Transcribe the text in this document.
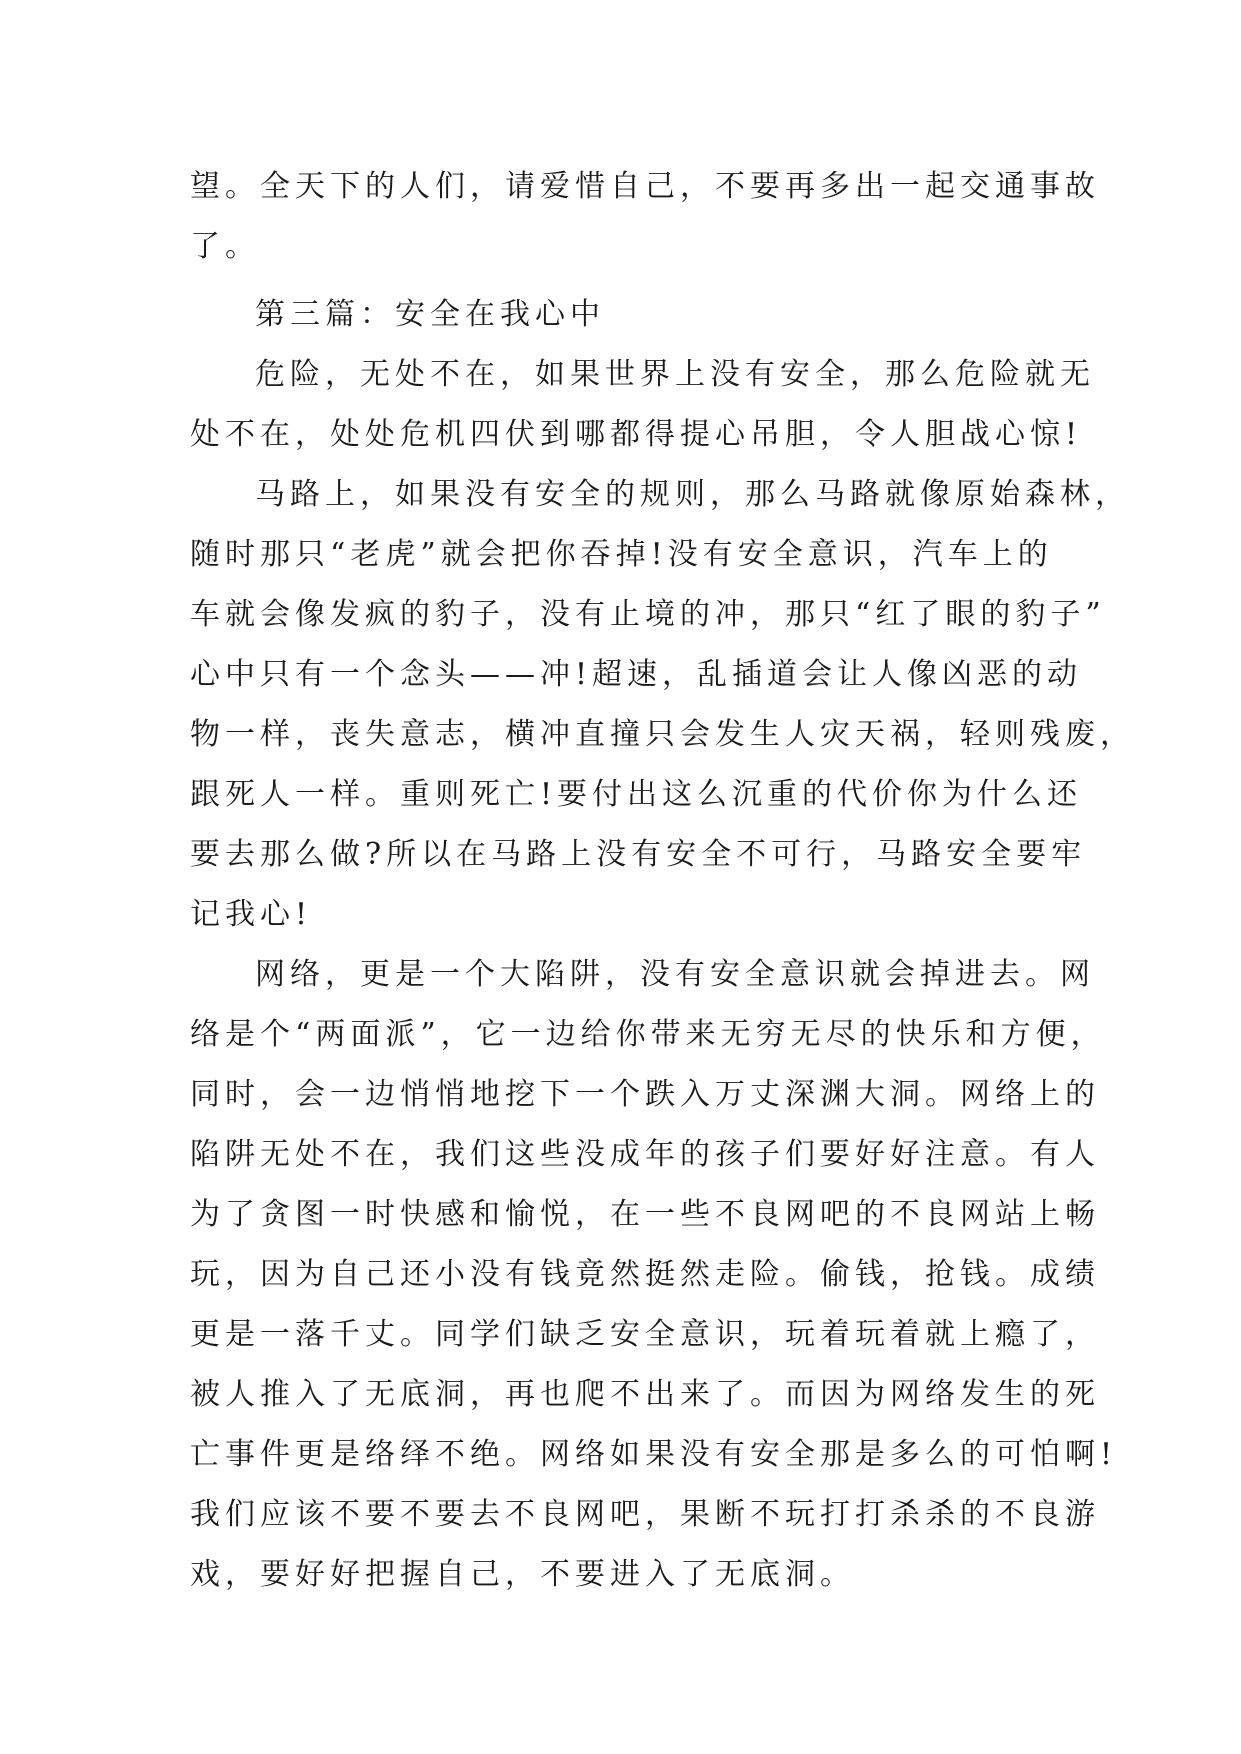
望。全天下的人们，请爱惜自己，不要再多出一起交通事故
了。
第三篇：安全在我心中
危险，无处不在，如果世界上没有安全，那么危险就无
处不在，处处危机四伏到哪都得提心吊胆，令人胆战心惊!
马路上，如果没有安全的规则，那么马路就像原始森林，
随时那只“老虎”就会把你吞掉!没有安全意识，汽车上的
车就会像发疯的豹子，没有止境的冲，那只“红了眼的豹子”
心中只有一个念头——冲!超速，乱插道会让人像凶恶的动
物一样，丧失意志，横冲直撞只会发生人灾天祸，轻则残废，
跟死人一样。重则死亡!要付出这么沉重的代价你为什么还
要去那么做?所以在马路上没有安全不可行，马路安全要牢
记我心!
网络，更是一个大陷阱，没有安全意识就会掉进去。网
络是个“两面派”，它一边给你带来无穷无尽的快乐和方便，
同时，会一边悄悄地挖下一个跌入万丈深渊大洞。网络上的
陷阱无处不在，我们这些没成年的孩子们要好好注意。有人
为了贪图一时快感和愉悦，在一些不良网吧的不良网站上畅
玩，因为自己还小没有钱竟然挺然走险。偷钱，抢钱。成绩
更是一落千丈。同学们缺乏安全意识，玩着玩着就上瘾了，
被人推入了无底洞，再也爬不出来了。而因为网络发生的死
亡事件更是络绎不绝。网络如果没有安全那是多么的可怕啊!
我们应该不要不要去不良网吧，果断不玩打打杀杀的不良游
戏，要好好把握自己，不要进入了无底洞。
